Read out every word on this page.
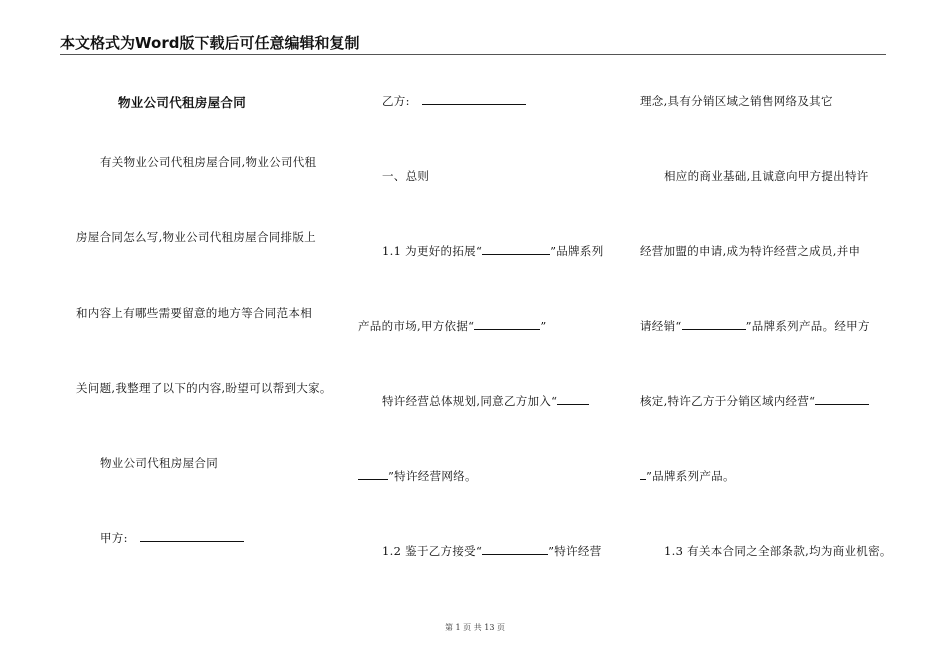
本文格式为Word版下载后可任意编辑和复制
物业公司代租房屋合同
有关物业公司代租房屋合同,物业公司代租
房屋合同怎么写,物业公司代租房屋合同排版上
和内容上有哪些需要留意的地方等合同范本相
关问题,我整理了以下的内容,盼望可以帮到大家。
物业公司代租房屋合同
甲方:
乙方:
一、总则
1.1 为更好的拓展“	”品牌系列
产品的市场,甲方依据“	”
特许经营总体规划,同意乙方加入“
”特许经营网络。
1.2 鉴于乙方接受“	”特许经营
理念,具有分销区域之销售网络及其它
相应的商业基础,且诚意向甲方提出特许
经营加盟的申请,成为特许经营之成员,并申
请经销“	”品牌系列产品。经甲方
核定,特许乙方于分销区域内经营“
”品牌系列产品。
1.3 有关本合同之全部条款,均为商业机密。
第 1 页 共 13 页
